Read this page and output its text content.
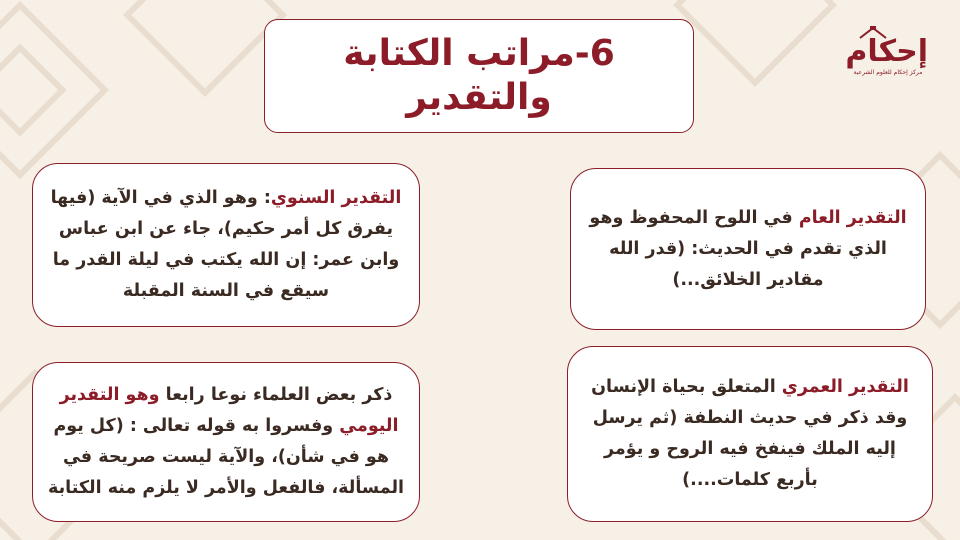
إحكام
مركز إحكام للعلوم الشرعية
6-مراتب الكتابة
والتقدير
التقدير العام في اللوح المحفوظ وهو الذي تقدم في الحديث: (قدر الله مقادير الخلائق...)
التقدير السنوي: وهو الذي في الآية (فيها يفرق كل أمر حكيم)، جاء عن ابن عباس وابن عمر: إن الله يكتب في ليلة القدر ما سيقع في السنة المقبلة
التقدير العمري المتعلق بحياة الإنسان وقد ذكر في حديث النطفة (ثم يرسل إليه الملك فينفخ فيه الروح و يؤمر بأربع كلمات....)
ذكر بعض العلماء نوعا رابعا وهو التقدير اليومي وفسروا به قوله تعالى : (كل يوم هو في شأن)، والآية ليست صريحة في المسألة، فالفعل والأمر لا يلزم منه الكتابة
